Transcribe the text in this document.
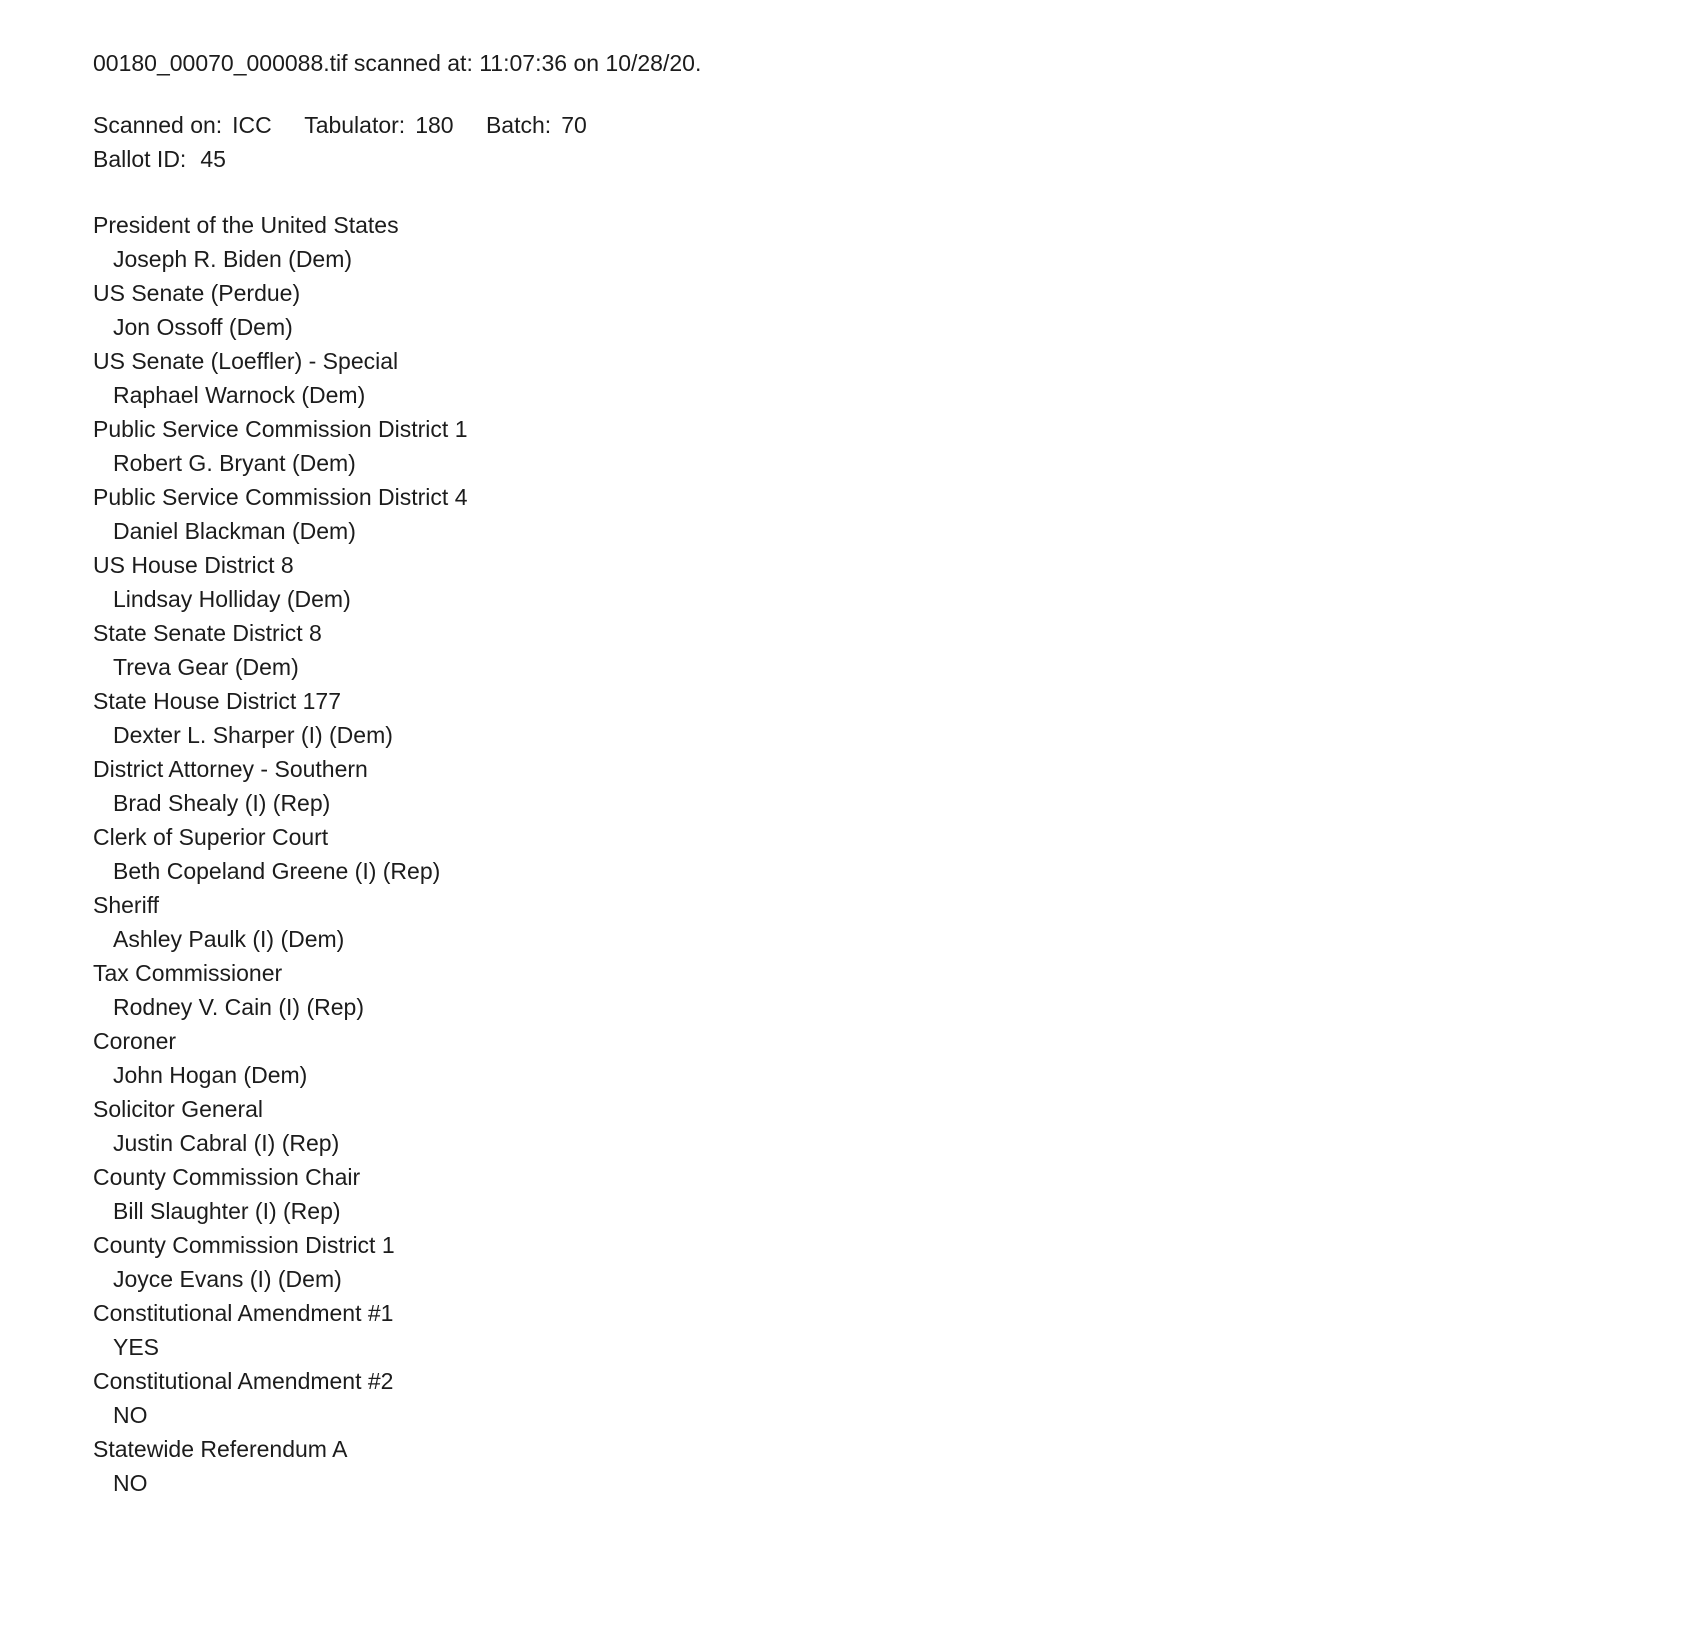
00180_00070_000088.tif scanned at: 11:07:36 on 10/28/20.
Scanned on: ICC Tabulator: 180 Batch: 70
Ballot ID: 45
President of the United States
Joseph R. Biden (Dem)
US Senate (Perdue)
Jon Ossoff (Dem)
US Senate (Loeffler) - Special
Raphael Warnock (Dem)
Public Service Commission District 1
Robert G. Bryant (Dem)
Public Service Commission District 4
Daniel Blackman (Dem)
US House District 8
Lindsay Holliday (Dem)
State Senate District 8
Treva Gear (Dem)
State House District 177
Dexter L. Sharper (I) (Dem)
District Attorney - Southern
Brad Shealy (I) (Rep)
Clerk of Superior Court
Beth Copeland Greene (I) (Rep)
Sheriff
Ashley Paulk (I) (Dem)
Tax Commissioner
Rodney V. Cain (I) (Rep)
Coroner
John Hogan (Dem)
Solicitor General
Justin Cabral (I) (Rep)
County Commission Chair
Bill Slaughter (I) (Rep)
County Commission District 1
Joyce Evans (I) (Dem)
Constitutional Amendment #1
YES
Constitutional Amendment #2
NO
Statewide Referendum A
NO
